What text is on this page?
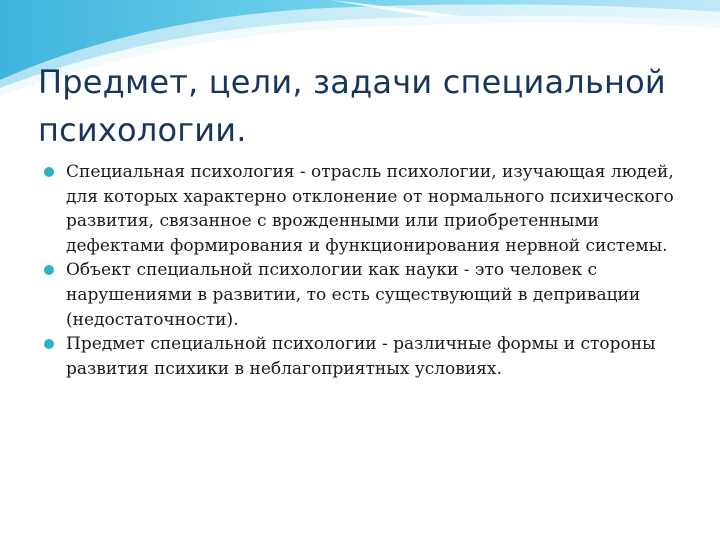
Предмет, цели, задачи специальной психологии.
Специальная психология - отрасль психологии, изучающая людей, для которых характерно отклонение от нормального психического развития, связанное с врожденными или приобретенными дефектами формирования и функционирования нервной системы.
Объект специальной психологии как науки - это человек с нарушениями в развитии, то есть существующий в депривации (недостаточности).
Предмет специальной психологии - различные формы и стороны развития психики в неблагоприятных условиях.
